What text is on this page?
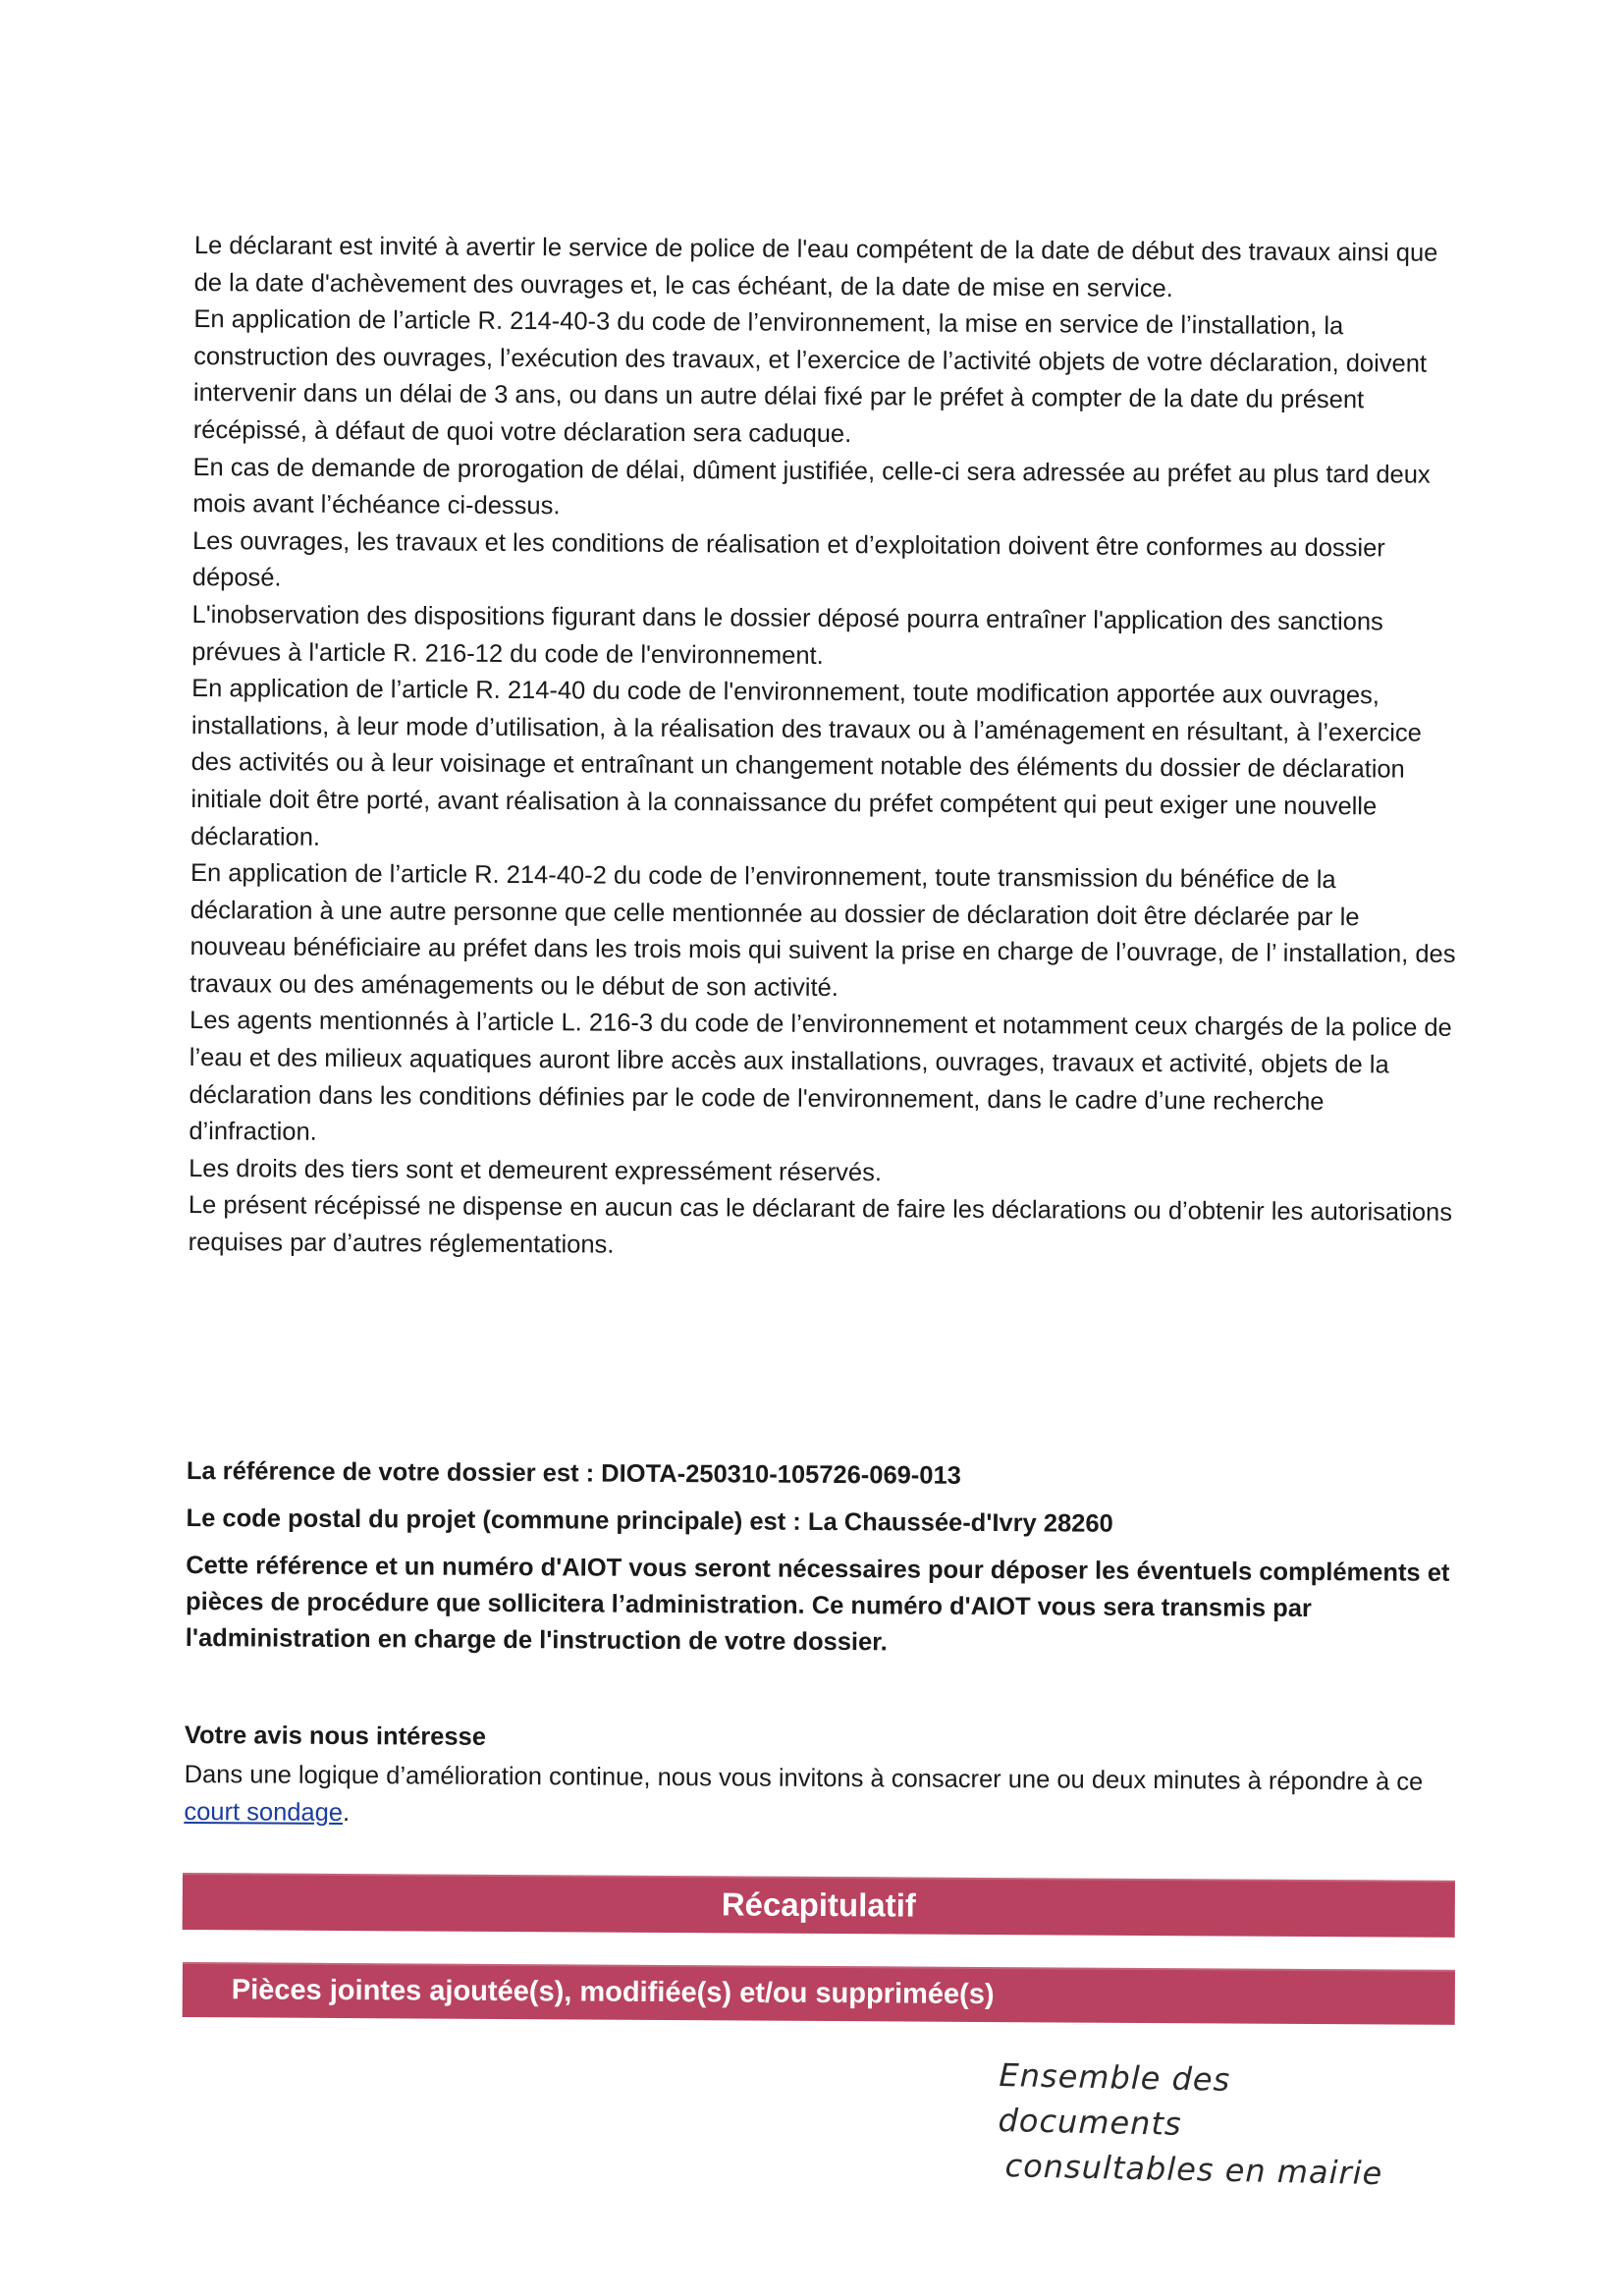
Le déclarant est invité à avertir le service de police de l'eau compétent de la date de début des travaux ainsi que de la date d'achèvement des ouvrages et, le cas échéant, de la date de mise en service.

En application de l’article R. 214-40-3 du code de l’environnement, la mise en service de l’installation, la construction des ouvrages, l’exécution des travaux, et l’exercice de l’activité objets de votre déclaration, doivent intervenir dans un délai de 3 ans, ou dans un autre délai fixé par le préfet à compter de la date du présent récépissé, à défaut de quoi votre déclaration sera caduque.

En cas de demande de prorogation de délai, dûment justifiée, celle-ci sera adressée au préfet au plus tard deux mois avant l’échéance ci-dessus.

Les ouvrages, les travaux et les conditions de réalisation et d’exploitation doivent être conformes au dossier déposé.

L'inobservation des dispositions figurant dans le dossier déposé pourra entraîner l'application des sanctions prévues à l'article R. 216-12 du code de l'environnement.

En application de l’article R. 214-40 du code de l'environnement, toute modification apportée aux ouvrages, installations, à leur mode d’utilisation, à la réalisation des travaux ou à l’aménagement en résultant, à l’exercice des activités ou à leur voisinage et entraînant un changement notable des éléments du dossier de déclaration initiale doit être porté, avant réalisation à la connaissance du préfet compétent qui peut exiger une nouvelle déclaration.

En application de l’article R. 214-40-2 du code de l’environnement, toute transmission du bénéfice de la déclaration à une autre personne que celle mentionnée au dossier de déclaration doit être déclarée par le nouveau bénéficiaire au préfet dans les trois mois qui suivent la prise en charge de l’ouvrage, de l’ installation, des travaux ou des aménagements ou le début de son activité.

Les agents mentionnés à l’article L. 216-3 du code de l’environnement et notamment ceux chargés de la police de l’eau et des milieux aquatiques auront libre accès aux installations, ouvrages, travaux et activité, objets de la déclaration dans les conditions définies par le code de l'environnement, dans le cadre d’une recherche d’infraction.

Les droits des tiers sont et demeurent expressément réservés.

Le présent récépissé ne dispense en aucun cas le déclarant de faire les déclarations ou d’obtenir les autorisations requises par d’autres réglementations.

La référence de votre dossier est : DIOTA-250310-105726-069-013

Le code postal du projet (commune principale) est : La Chaussée-d'Ivry 28260

Cette référence et un numéro d'AIOT vous seront nécessaires pour déposer les éventuels compléments et pièces de procédure que sollicitera l’administration. Ce numéro d'AIOT vous sera transmis par l'administration en charge de l'instruction de votre dossier.

Votre avis nous intéresse

Dans une logique d’amélioration continue, nous vous invitons à consacrer une ou deux minutes à répondre à ce court sondage.

Récapitulatif
Pièces jointes ajoutée(s), modifiée(s) et/ou supprimée(s)
Ensemble des documents
consultables en mairie
